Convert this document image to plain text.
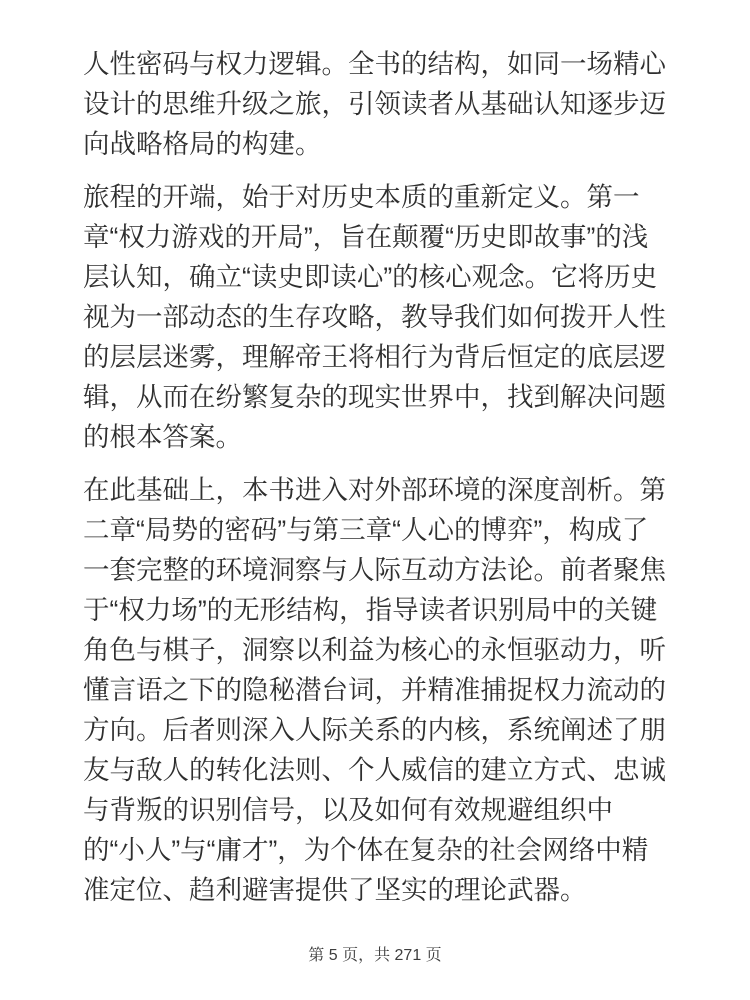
人性密码与权力逻辑。全书的结构，如同一场精心设计的思维升级之旅，引领读者从基础认知逐步迈向战略格局的构建。

旅程的开端，始于对历史本质的重新定义。第一章“权力游戏的开局”，旨在颠覆“历史即故事”的浅层认知，确立“读史即读心”的核心观念。它将历史视为一部动态的生存攻略，教导我们如何拨开人性的层层迷雾，理解帝王将相行为背后恒定的底层逻辑，从而在纷繁复杂的现实世界中，找到解决问题的根本答案。

在此基础上，本书进入对外部环境的深度剖析。第二章“局势的密码”与第三章“人心的博弈”，构成了一套完整的环境洞察与人际互动方法论。前者聚焦于“权力场”的无形结构，指导读者识别局中的关键角色与棋子，洞察以利益为核心的永恒驱动力，听懂言语之下的隐秘潜台词，并精准捕捉权力流动的方向。后者则深入人际关系的内核，系统阐述了朋友与敌人的转化法则、个人威信的建立方式、忠诚与背叛的识别信号，以及如何有效规避组织中的“小人”与“庸才”，为个体在复杂的社会网络中精准定位、趋利避害提供了坚实的理论武器。

第 5 页，共 271 页
